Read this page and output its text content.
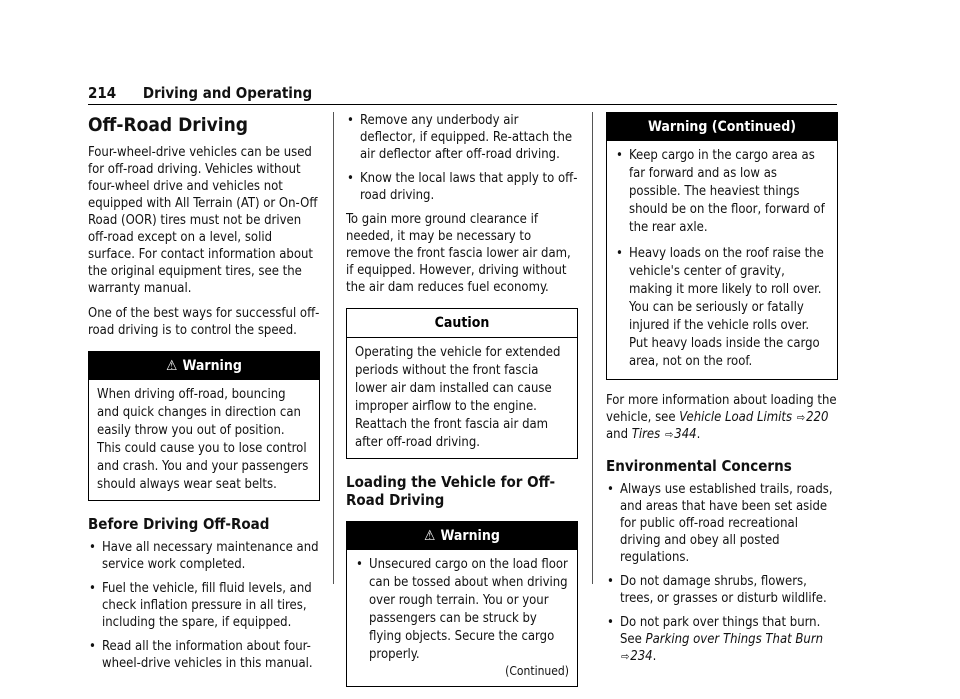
214 Driving and Operating
Off-Road Driving

Four-wheel-drive vehicles can be used for off-road driving. Vehicles without four-wheel drive and vehicles not equipped with All Terrain (AT) or On-Off Road (OOR) tires must not be driven off-road except on a level, solid surface. For contact information about the original equipment tires, see the warranty manual.

One of the best ways for successful off-road driving is to control the speed.

⚠ Warning
When driving off-road, bouncing and quick changes in direction can easily throw you out of position. This could cause you to lose control and crash. You and your passengers should always wear seat belts.
Before Driving Off-Road
• Have all necessary maintenance and service work completed.
• Fuel the vehicle, fill fluid levels, and check inflation pressure in all tires, including the spare, if equipped.
• Read all the information about four-wheel-drive vehicles in this manual.
• Remove any underbody air deflector, if equipped. Re-attach the air deflector after off-road driving.
• Know the local laws that apply to off-road driving.

To gain more ground clearance if needed, it may be necessary to remove the front fascia lower air dam, if equipped. However, driving without the air dam reduces fuel economy.

Caution
Operating the vehicle for extended periods without the front fascia lower air dam installed can cause improper airflow to the engine. Reattach the front fascia air dam after off-road driving.
Loading the Vehicle for Off-Road Driving
⚠ Warning
• Unsecured cargo on the load floor can be tossed about when driving over rough terrain. You or your passengers can be struck by flying objects. Secure the cargo properly.
(Continued)
Warning (Continued)
• Keep cargo in the cargo area as far forward and as low as possible. The heaviest things should be on the floor, forward of the rear axle.
• Heavy loads on the roof raise the vehicle's center of gravity, making it more likely to roll over. You can be seriously or fatally injured if the vehicle rolls over. Put heavy loads inside the cargo area, not on the roof.

For more information about loading the vehicle, see Vehicle Load Limits ⇨220 and Tires ⇨344.

Environmental Concerns
• Always use established trails, roads, and areas that have been set aside for public off-road recreational driving and obey all posted regulations.
• Do not damage shrubs, flowers, trees, or grasses or disturb wildlife.
• Do not park over things that burn. See Parking over Things That Burn ⇨234.
